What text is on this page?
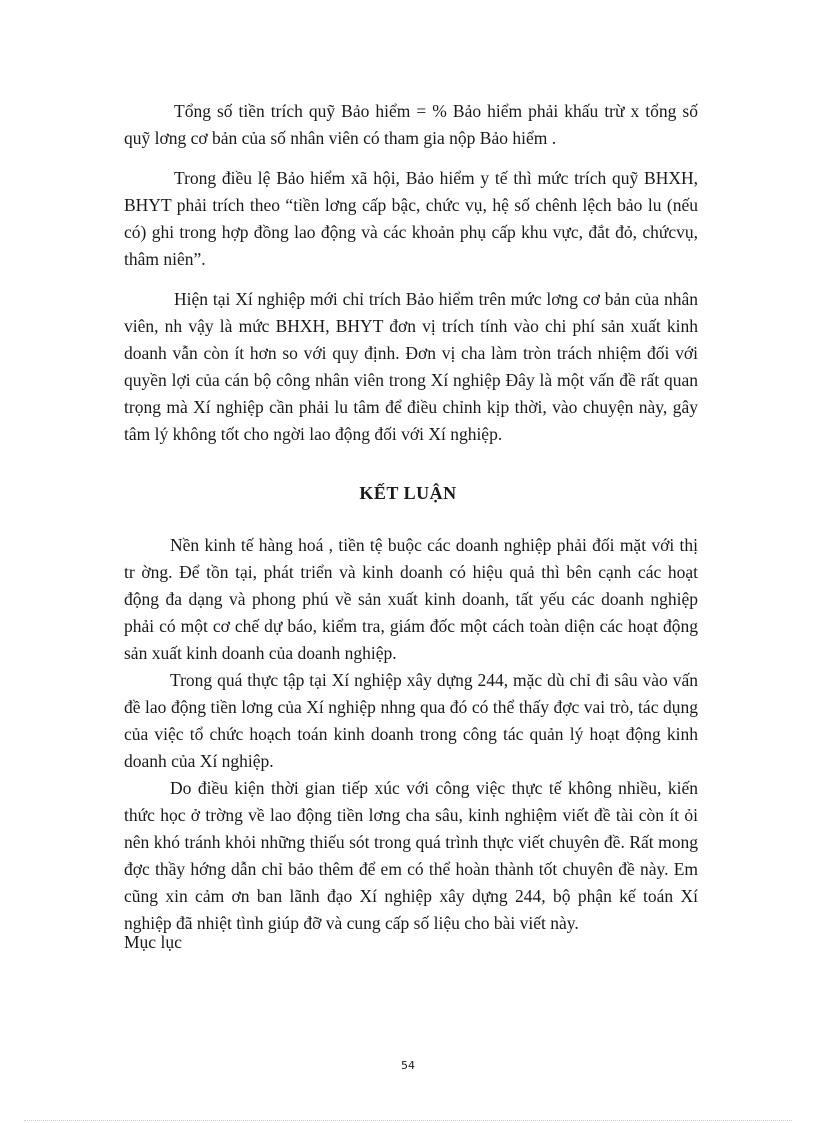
Tổng số tiền trích quỹ Bảo hiểm = % Bảo hiểm phải khấu trừ x tổng số quỹ lơng cơ bản của số nhân viên có tham gia nộp Bảo hiểm .

Trong điều lệ Bảo hiểm xã hội, Bảo hiểm y tế thì mức trích quỹ BHXH, BHYT phải trích theo “tiền lơng cấp bậc, chức vụ, hệ số chênh lệch bảo lu (nếu có) ghi trong hợp đồng lao động và các khoản phụ cấp khu vực, đắt đỏ, chứcvụ, thâm niên”.

Hiện tại Xí nghiệp mới chỉ trích Bảo hiểm trên mức lơng cơ bản của nhân viên, nh vậy là mức BHXH, BHYT đơn vị trích tính vào chi phí sản xuất kinh doanh vẫn còn ít hơn so với quy định. Đơn vị cha làm tròn trách nhiệm đối với quyền lợi của cán bộ công nhân viên trong Xí nghiệp Đây là một vấn đề rất quan trọng mà Xí nghiệp cần phải lu tâm để điều chỉnh kịp thời, vào chuyện này, gây tâm lý không tốt cho ngời lao động đối với Xí nghiệp.

KẾT LUẬN

Nền kinh tế hàng hoá , tiền tệ buộc các doanh nghiệp phải đối mặt với thị tr ờng. Để tồn tại, phát triển và kinh doanh có hiệu quả thì bên cạnh các hoạt động đa dạng và phong phú về sản xuất kinh doanh, tất yếu các doanh nghiệp phải có một cơ chế dự báo, kiểm tra, giám đốc một cách toàn diện các hoạt động sản xuất kinh doanh của doanh nghiệp.

Trong quá thực tập tại Xí nghiệp xây dựng 244, mặc dù chỉ đi sâu vào vấn đề lao động tiền lơng của Xí nghiệp nhng qua đó có thể thấy đợc vai trò, tác dụng của việc tổ chức hoạch toán kinh doanh trong công tác quản lý hoạt động kinh doanh của Xí nghiệp.

Do điều kiện thời gian tiếp xúc với công việc thực tế không nhiều, kiến thức học ở trờng về lao động tiền lơng cha sâu, kinh nghiệm viết đề tài còn ít ỏi nên khó tránh khỏi những thiếu sót trong quá trình thực viết chuyên đề. Rất mong đợc thầy hớng dẫn chỉ bảo thêm để em có thể hoàn thành tốt chuyên đề này. Em cũng xin cảm ơn ban lãnh đạo Xí nghiệp xây dựng 244, bộ phận kế toán Xí nghiệp đã nhiệt tình giúp đỡ và cung cấp số liệu cho bài viết này.

Mục lục
54
